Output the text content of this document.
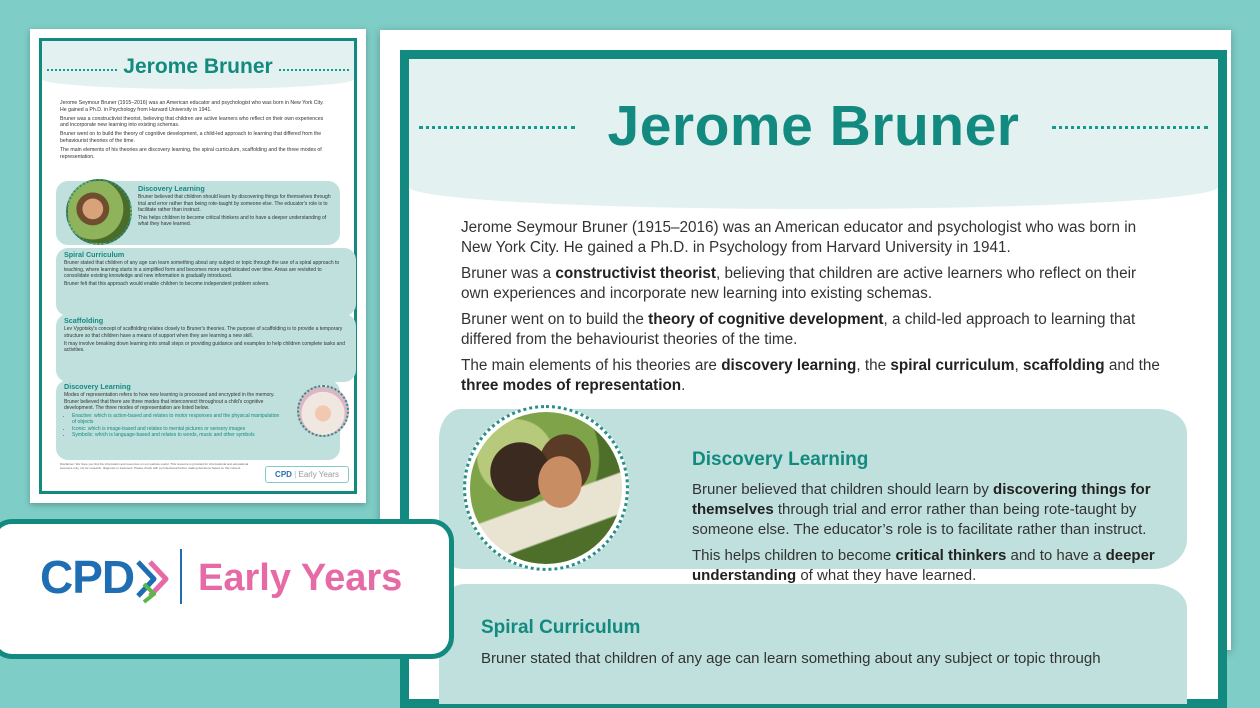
Jerome Bruner

Jerome Seymour Bruner (1915–2016) was an American educator and psychologist who was born in New York City. He gained a Ph.D. in Psychology from Harvard University in 1941.

Bruner was a constructivist theorist, believing that children are active learners who reflect on their own experiences and incorporate new learning into existing schemas.

Bruner went on to build the theory of cognitive development, a child-led approach to learning that differed from the behaviourist theories of the time.

The main elements of his theories are discovery learning, the spiral curriculum, scaffolding and the three modes of representation.

Discovery Learning

Bruner believed that children should learn by discovering things for themselves through trial and error rather than being rote-taught by someone else. The educator's role is to facilitate rather than instruct.

This helps children to become critical thinkers and to have a deeper understanding of what they have learned.

Spiral Curriculum

Bruner stated that children of any age can learn something about any subject or topic through the use of a spiral approach to teaching, where learning starts in a simplified form and becomes more sophisticated over time. Areas are revisited to consolidate existing knowledge and new information is gradually introduced.

Bruner felt that this approach would enable children to become independent problem solvers.

Scaffolding

Lev Vygotsky's concept of scaffolding relates closely to Bruner's theories. The purpose of scaffolding is to provide a temporary structure so that children have a means of support when they are learning a new skill.

It may involve breaking down learning into small steps or providing guidance and examples to help children complete tasks and activities.

Discovery Learning

Modes of representation refers to how new learning is processed and encrypted in the memory. Bruner believed that there are three modes that interconnect throughout a child's cognitive development. The three modes of representation are listed below.

• Enactive: which is action-based and relates to motor responses and the physical manipulation of objects
• Iconic: which is image-based and relates to mental pictures or sensory images
• Symbolic: which is language-based and relates to words, music and other symbols
Disclaimer: We hope you find the information and resources on our website useful. This resource is provided for informational and educational purposes only, not for research, diagnosis or treatment. Please check with a professional before making decisions based on this content.
CPD | Early Years
Jerome Bruner

Jerome Seymour Bruner (1915–2016) was an American educator and psychologist who was born in New York City. He gained a Ph.D. in Psychology from Harvard University in 1941.

Bruner was a constructivist theorist, believing that children are active learners who reflect on their own experiences and incorporate new learning into existing schemas.

Bruner went on to build the theory of cognitive development, a child-led approach to learning that differed from the behaviourist theories of the time.

The main elements of his theories are discovery learning, the spiral curriculum, scaffolding and the three modes of representation.

Discovery Learning

Bruner believed that children should learn by discovering things for themselves through trial and error rather than being rote-taught by someone else. The educator’s role is to facilitate rather than instruct.

This helps children to become critical thinkers and to have a deeper understanding of what they have learned.

Spiral Curriculum
Bruner stated that children of any age can learn something about any subject or topic through
CPD Early Years
